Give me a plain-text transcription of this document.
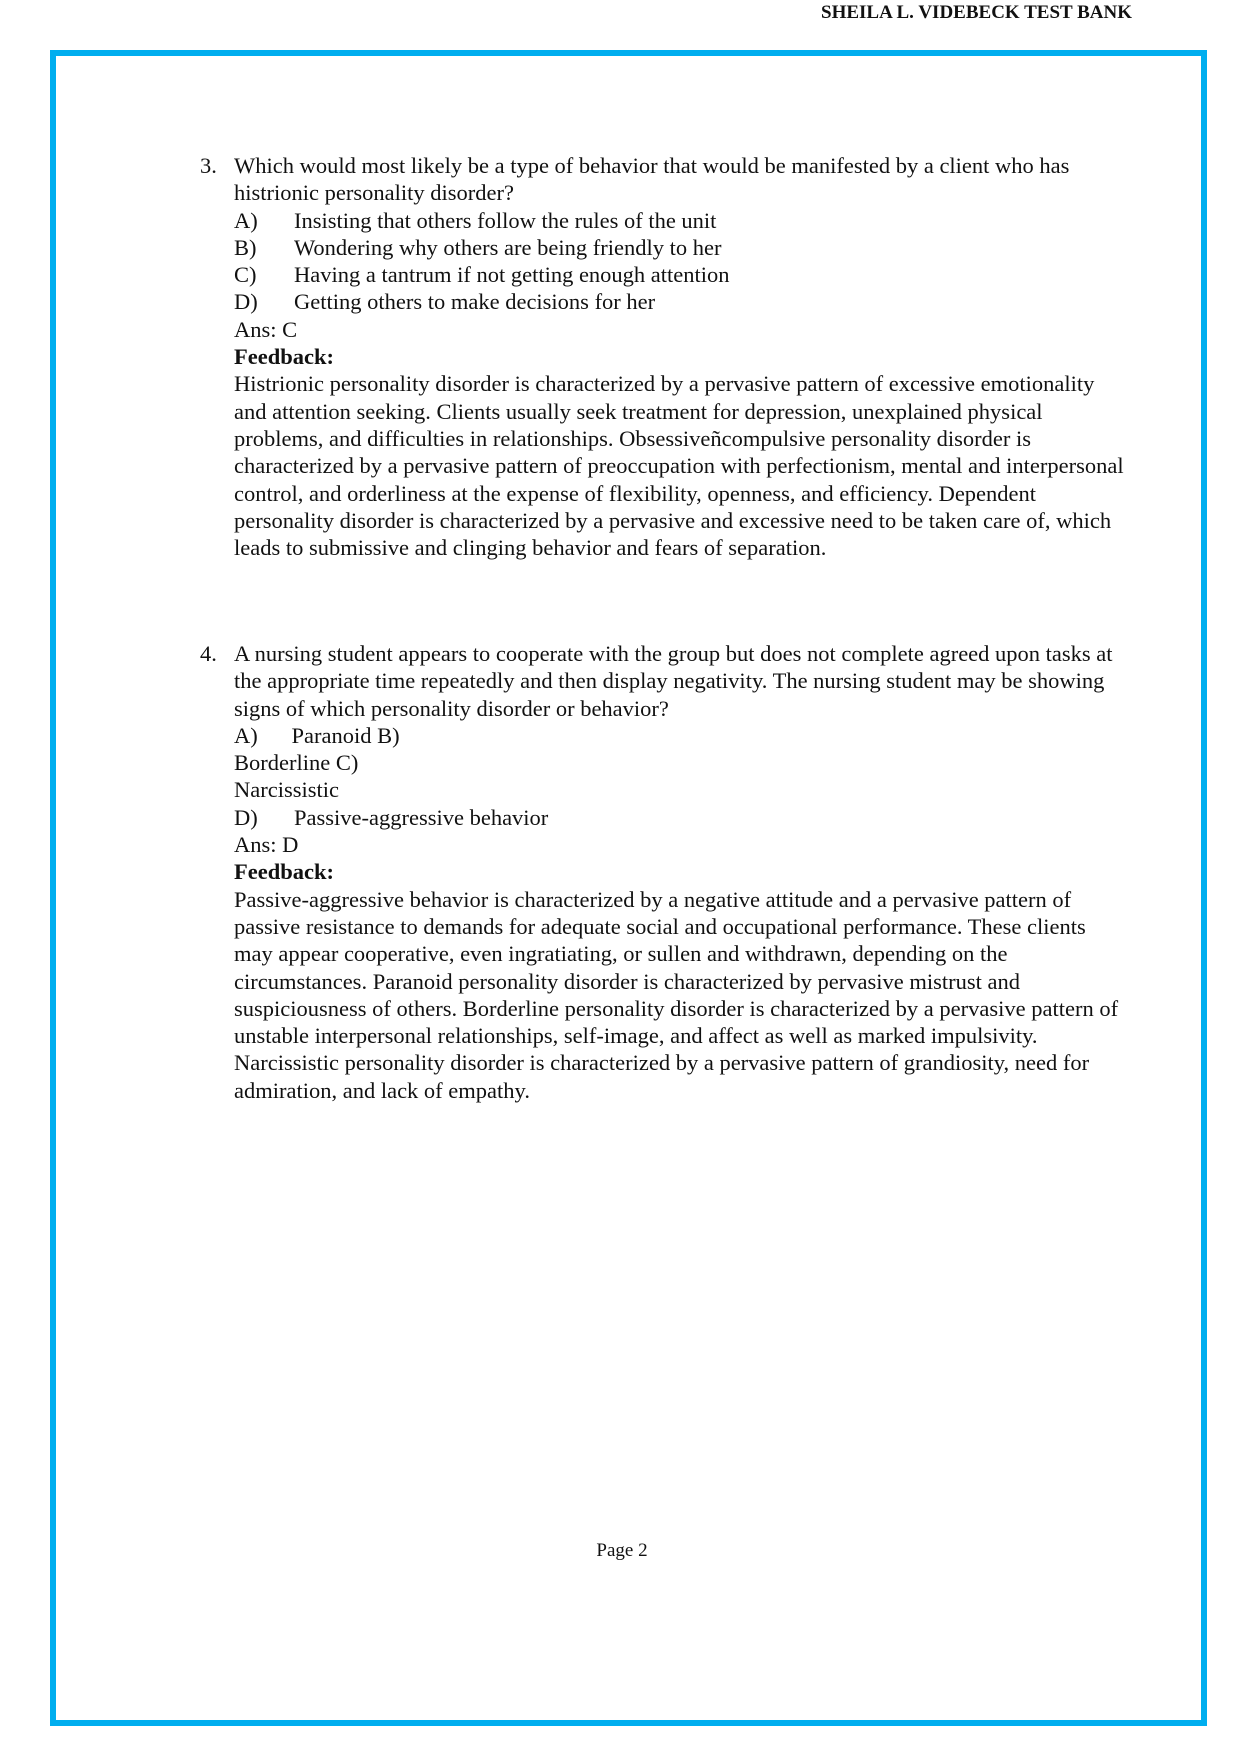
SHEILA L. VIDEBECK TEST BANK
3. Which would most likely be a type of behavior that would be manifested by a client who has histrionic personality disorder?
A)	Insisting that others follow the rules of the unit
B)	Wondering why others are being friendly to her
C)	Having a tantrum if not getting enough attention
D)	Getting others to make decisions for her
Ans: C
Feedback:
Histrionic personality disorder is characterized by a pervasive pattern of excessive emotionality and attention seeking. Clients usually seek treatment for depression, unexplained physical problems, and difficulties in relationships. Obsessiveñcompulsive personality disorder is characterized by a pervasive pattern of preoccupation with perfectionism, mental and interpersonal control, and orderliness at the expense of flexibility, openness, and efficiency. Dependent personality disorder is characterized by a pervasive and excessive need to be taken care of, which leads to submissive and clinging behavior and fears of separation.
4. A nursing student appears to cooperate with the group but does not complete agreed upon tasks at the appropriate time repeatedly and then display negativity. The nursing student may be showing signs of which personality disorder or behavior?
A)      Paranoid B)
Borderline C)
Narcissistic
D)	Passive-aggressive behavior
Ans: D
Feedback:
Passive-aggressive behavior is characterized by a negative attitude and a pervasive pattern of passive resistance to demands for adequate social and occupational performance. These clients may appear cooperative, even ingratiating, or sullen and withdrawn, depending on the circumstances. Paranoid personality disorder is characterized by pervasive mistrust and suspiciousness of others. Borderline personality disorder is characterized by a pervasive pattern of unstable interpersonal relationships, self-image, and affect as well as marked impulsivity. Narcissistic personality disorder is characterized by a pervasive pattern of grandiosity, need for admiration, and lack of empathy.
Page 2
